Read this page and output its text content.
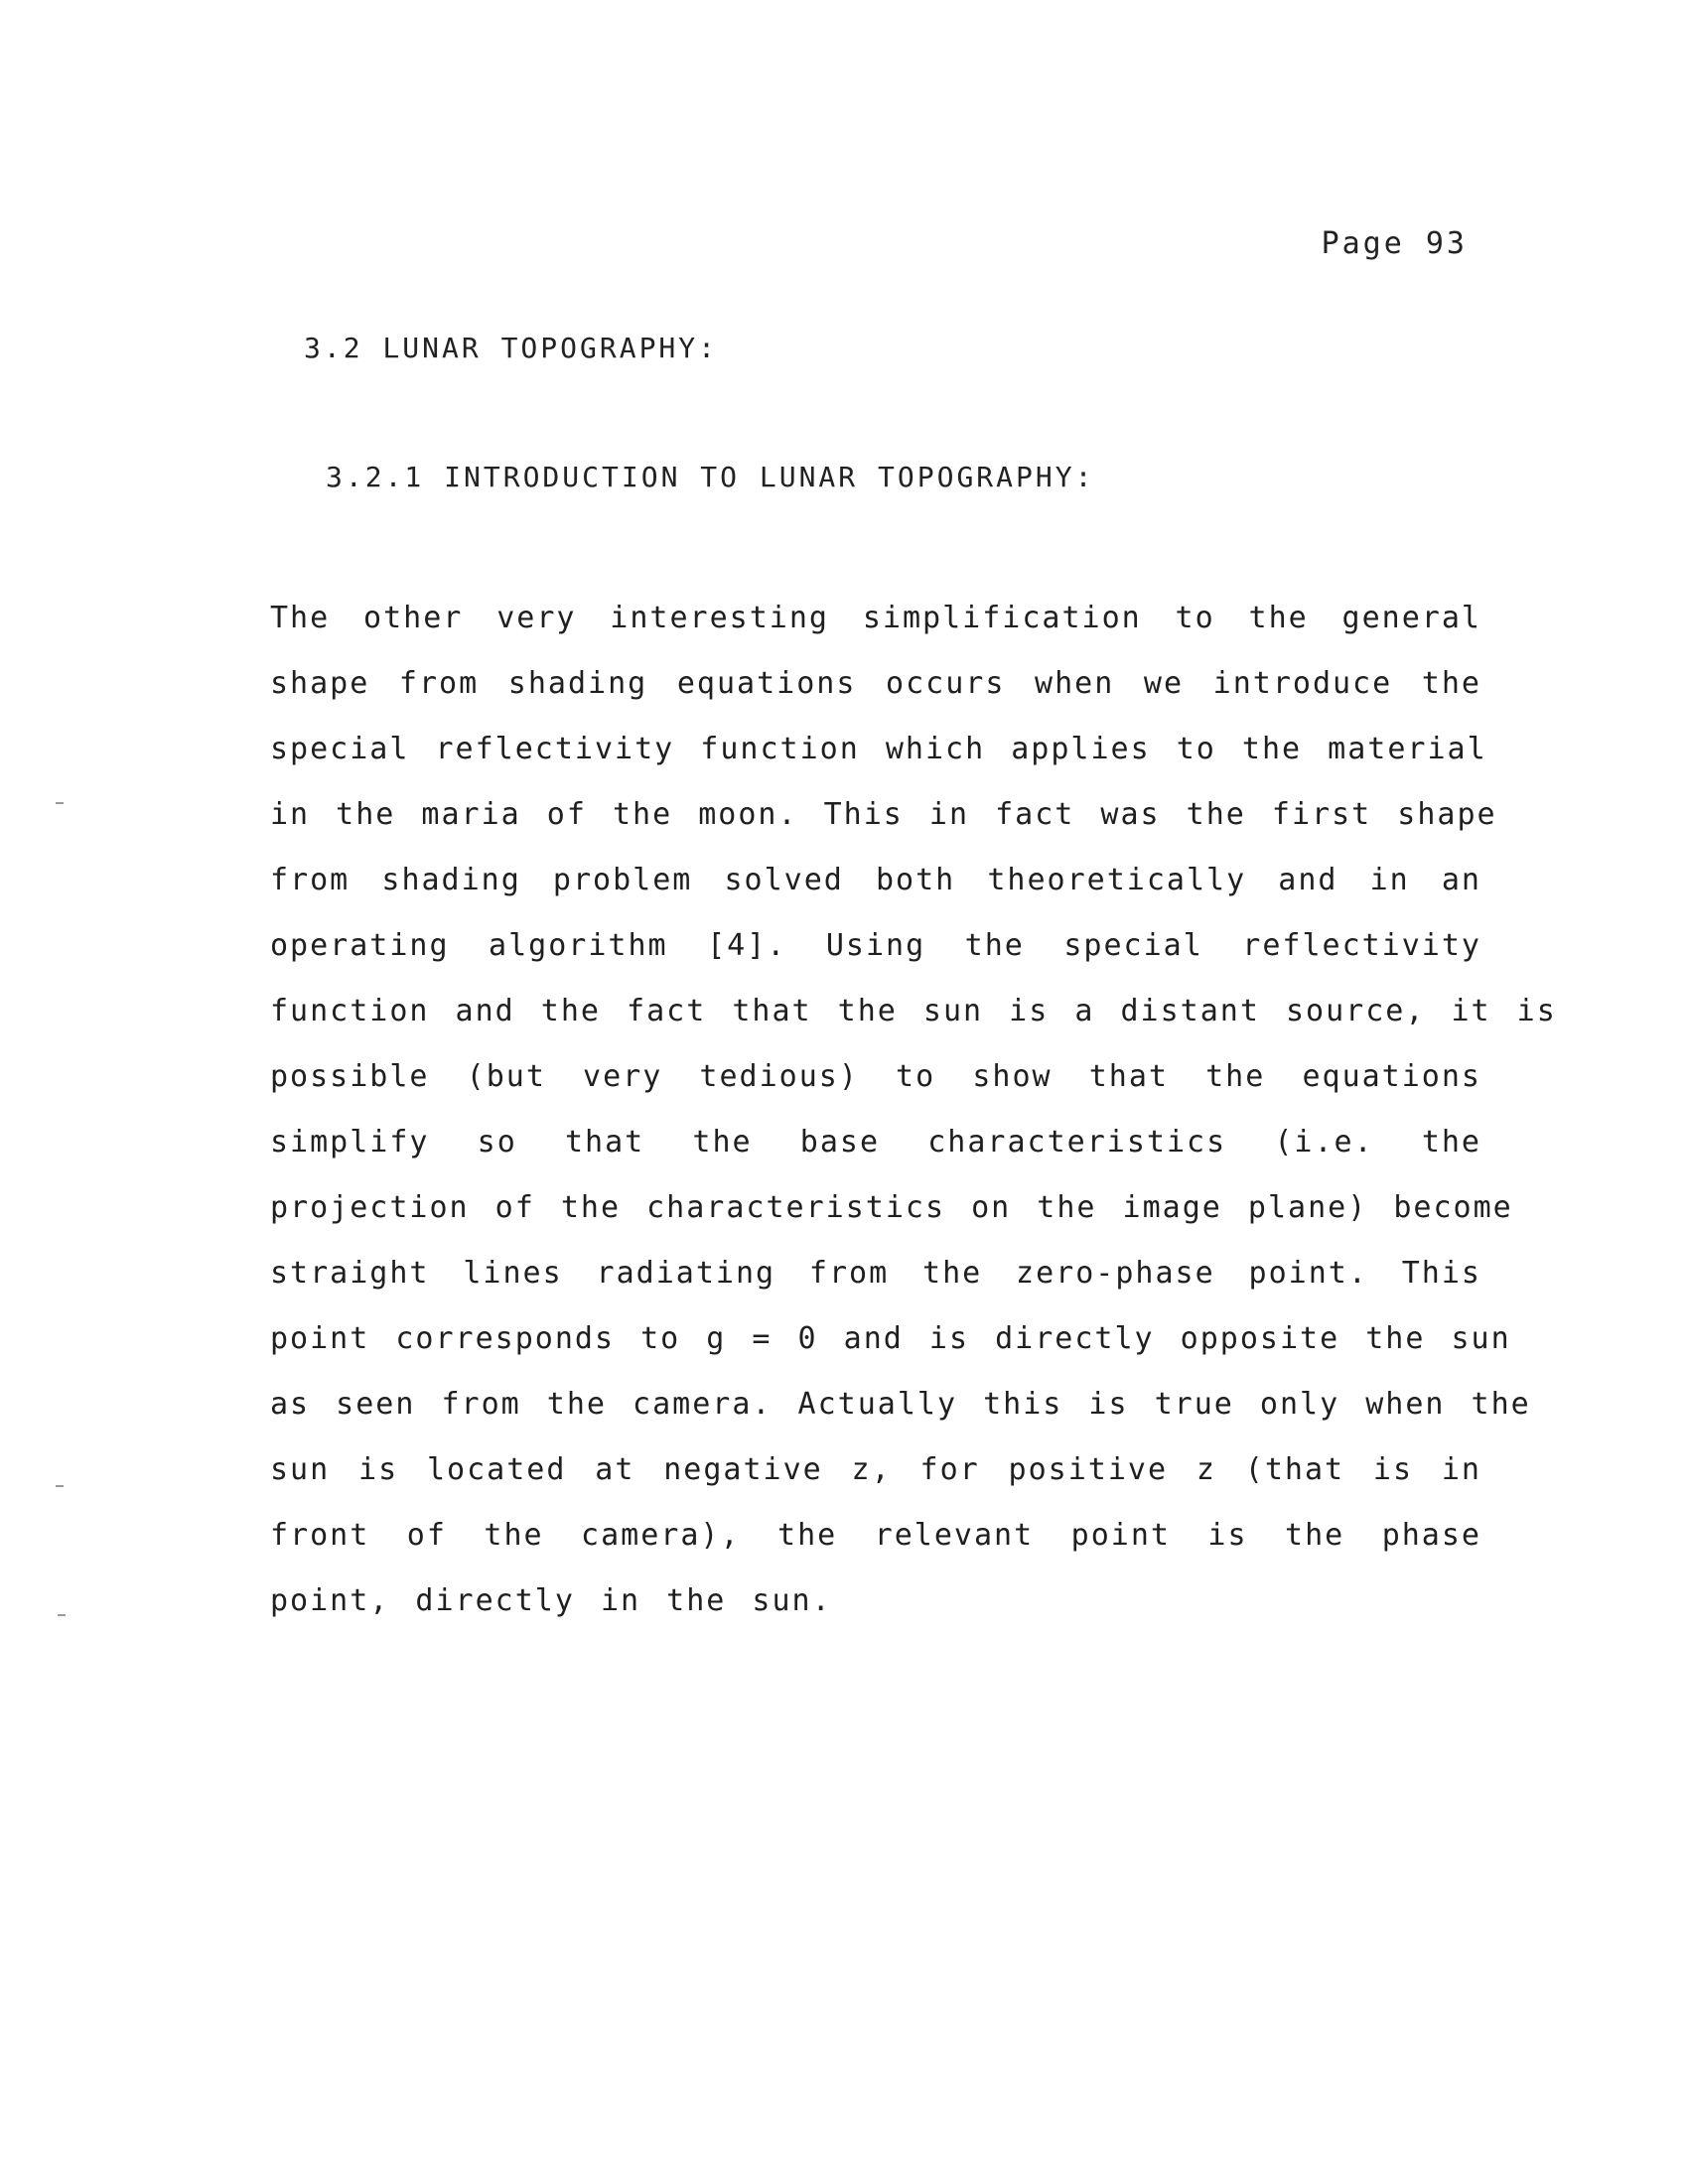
Page 93
3.2 LUNAR TOPOGRAPHY:
3.2.1 INTRODUCTION TO LUNAR TOPOGRAPHY:
The other very interesting simplification to the general
shape from shading equations occurs when we introduce the
special reflectivity function which applies to the material
in the maria of the moon. This in fact was the first shape
from shading problem solved both theoretically and in an
operating algorithm [4]. Using the special reflectivity
function and the fact that the sun is a distant source, it is
possible (but very tedious) to show that the equations
simplify so that the base characteristics (i.e. the
projection of the characteristics on the image plane) become
straight lines radiating from the zero-phase point. This
point corresponds to g = 0 and is directly opposite the sun
as seen from the camera. Actually this is true only when the
sun is located at negative z, for positive z (that is in
front of the camera), the relevant point is the phase
point, directly in the sun.
